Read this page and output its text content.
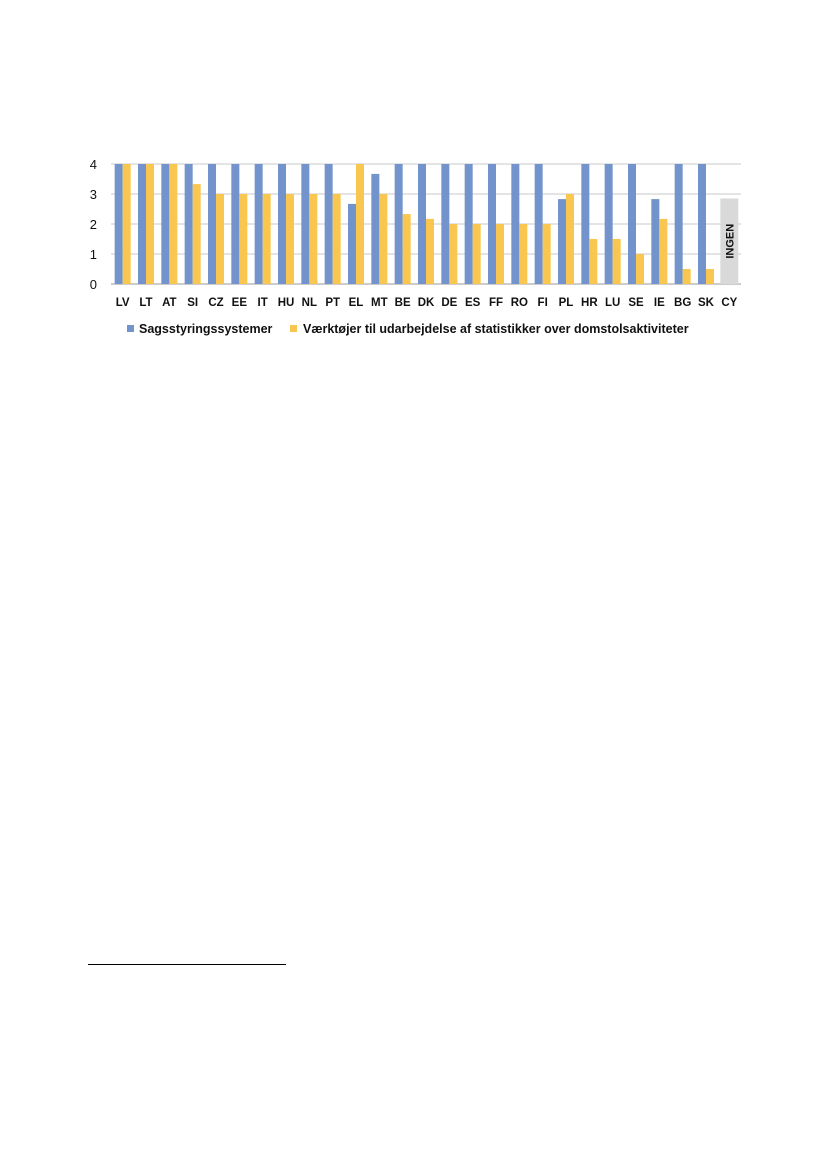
0
1
2
3
4
INGEN
LV LT AT SI CZ EE IT HU NL PT EL MT BE DK DE ES FF RO FI PL HR LU SE IE BG SK CY
Sagsstyringssystemer Værktøjer til udarbejdelse af statistikker over domstolsaktiviteter
